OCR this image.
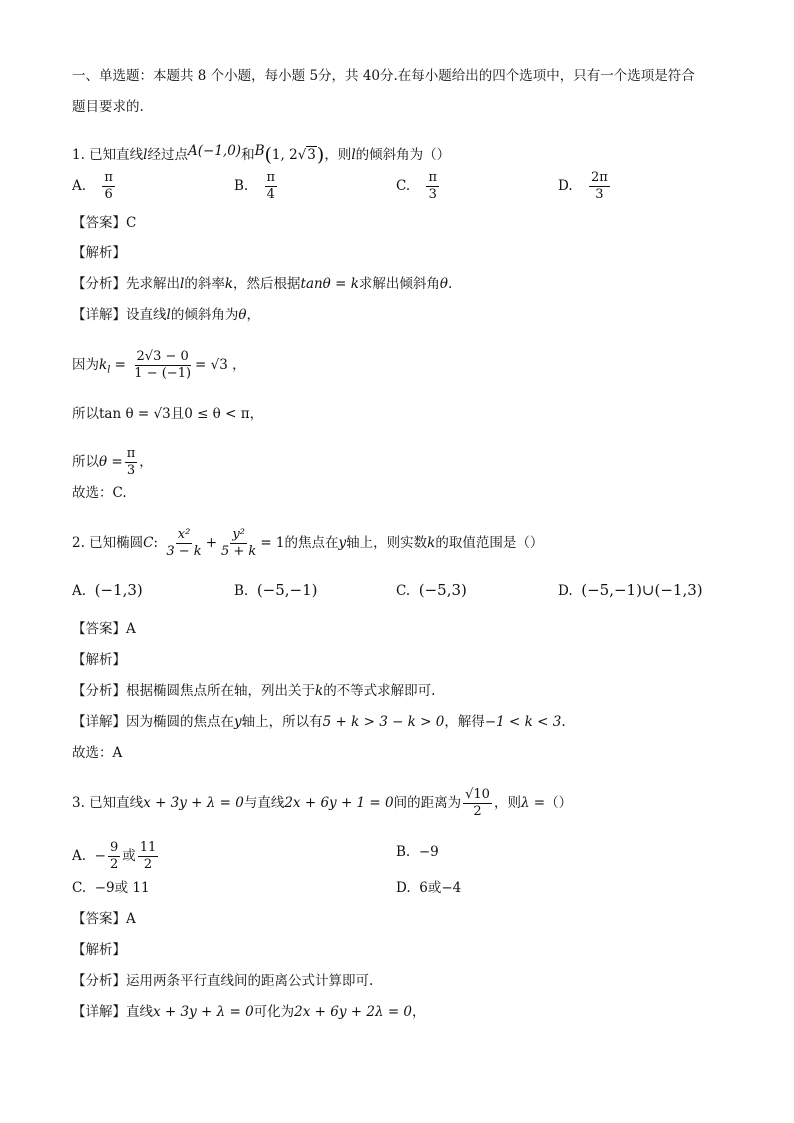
一、单选题：本题共 8 个小题，每小题 5分，共 40分.在每小题给出的四个选项中，只有一个选项是符合
题目要求的.
1. 已知直线l经过点A(−1,0)和B(1, 2√3)，则l的倾斜角为（）
A. $\frac{\pi}{6}$	B. $\frac{\pi}{4}$	C. $\frac{\pi}{3}$	D. $\frac{2\pi}{3}$
【答案】C
【解析】
【分析】先求解出l的斜率k，然后根据tanθ = k求解出倾斜角θ.
【详解】设直线l的倾斜角为θ，
因为$k_l = \frac{2√3 - 0}{1 - (-1)} = √3$ ，
所以tan θ = √3且0 ≤ θ < π，
所以$\theta = \frac{\pi}{3}$ ，
故选：C.
2. 已知椭圆C: $\frac{\text{x²}}{3 - k} + \frac{\text{y²}}{5 + k} = 1$的焦点在y轴上，则实数k的取值范围是（）
A. (−1,3)	B. (−5,−1)	C. (−5,3)	D. (−5,−1)∪(−1,3)
【答案】A
【解析】
【分析】根据椭圆焦点所在轴，列出关于k的不等式求解即可.
【详解】因为椭圆的焦点在y轴上，所以有5 + k > 3 − k > 0，解得−1 < k < 3.
故选：A
3. 已知直线x + 3y + λ = 0与直线2x + 6y + 1 = 0间的距离为 $\frac{√10}{2}$ ，则λ =（）
A. − $\frac{9}{2}$ 或 $\frac{11}{2}$	B. −9
C. −9或 11	D. 6或−4
【答案】A
【解析】
【分析】运用两条平行直线间的距离公式计算即可.
【详解】直线x + 3y + λ = 0可化为2x + 6y + 2λ = 0，
